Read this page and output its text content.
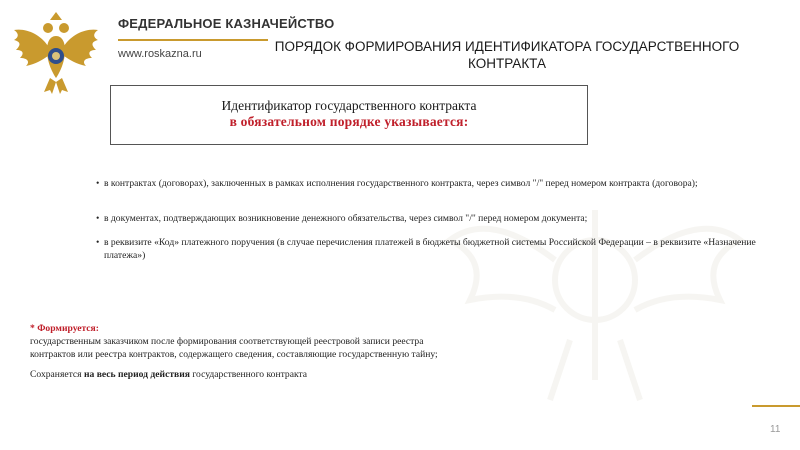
ФЕДЕРАЛЬНОЕ КАЗНАЧЕЙСТВО
www.roskazna.ru	ПОРЯДОК ФОРМИРОВАНИЯ ИДЕНТИФИКАТОРА ГОСУДАРСТВЕННОГО
КОНТРАКТА
Идентификатор государственного контракта
в обязательном порядке указывается:
• в контрактах (договорах), заключенных в рамках исполнения государственного контракта, через символ "/" перед номером контракта (договора);
• в документах, подтверждающих возникновение денежного обязательства, через символ "/" перед номером документа;
• в реквизите «Код» платежного поручения (в случае перечисления платежей в бюджеты бюджетной системы Российской Федерации – в реквизите «Назначение платежа»)
* Формируется:
государственным заказчиком после формирования соответствующей реестровой записи реестра
контрактов или реестра контрактов, содержащего сведения, составляющие государственную тайну;
Сохраняется на весь период действия государственного контракта
11
